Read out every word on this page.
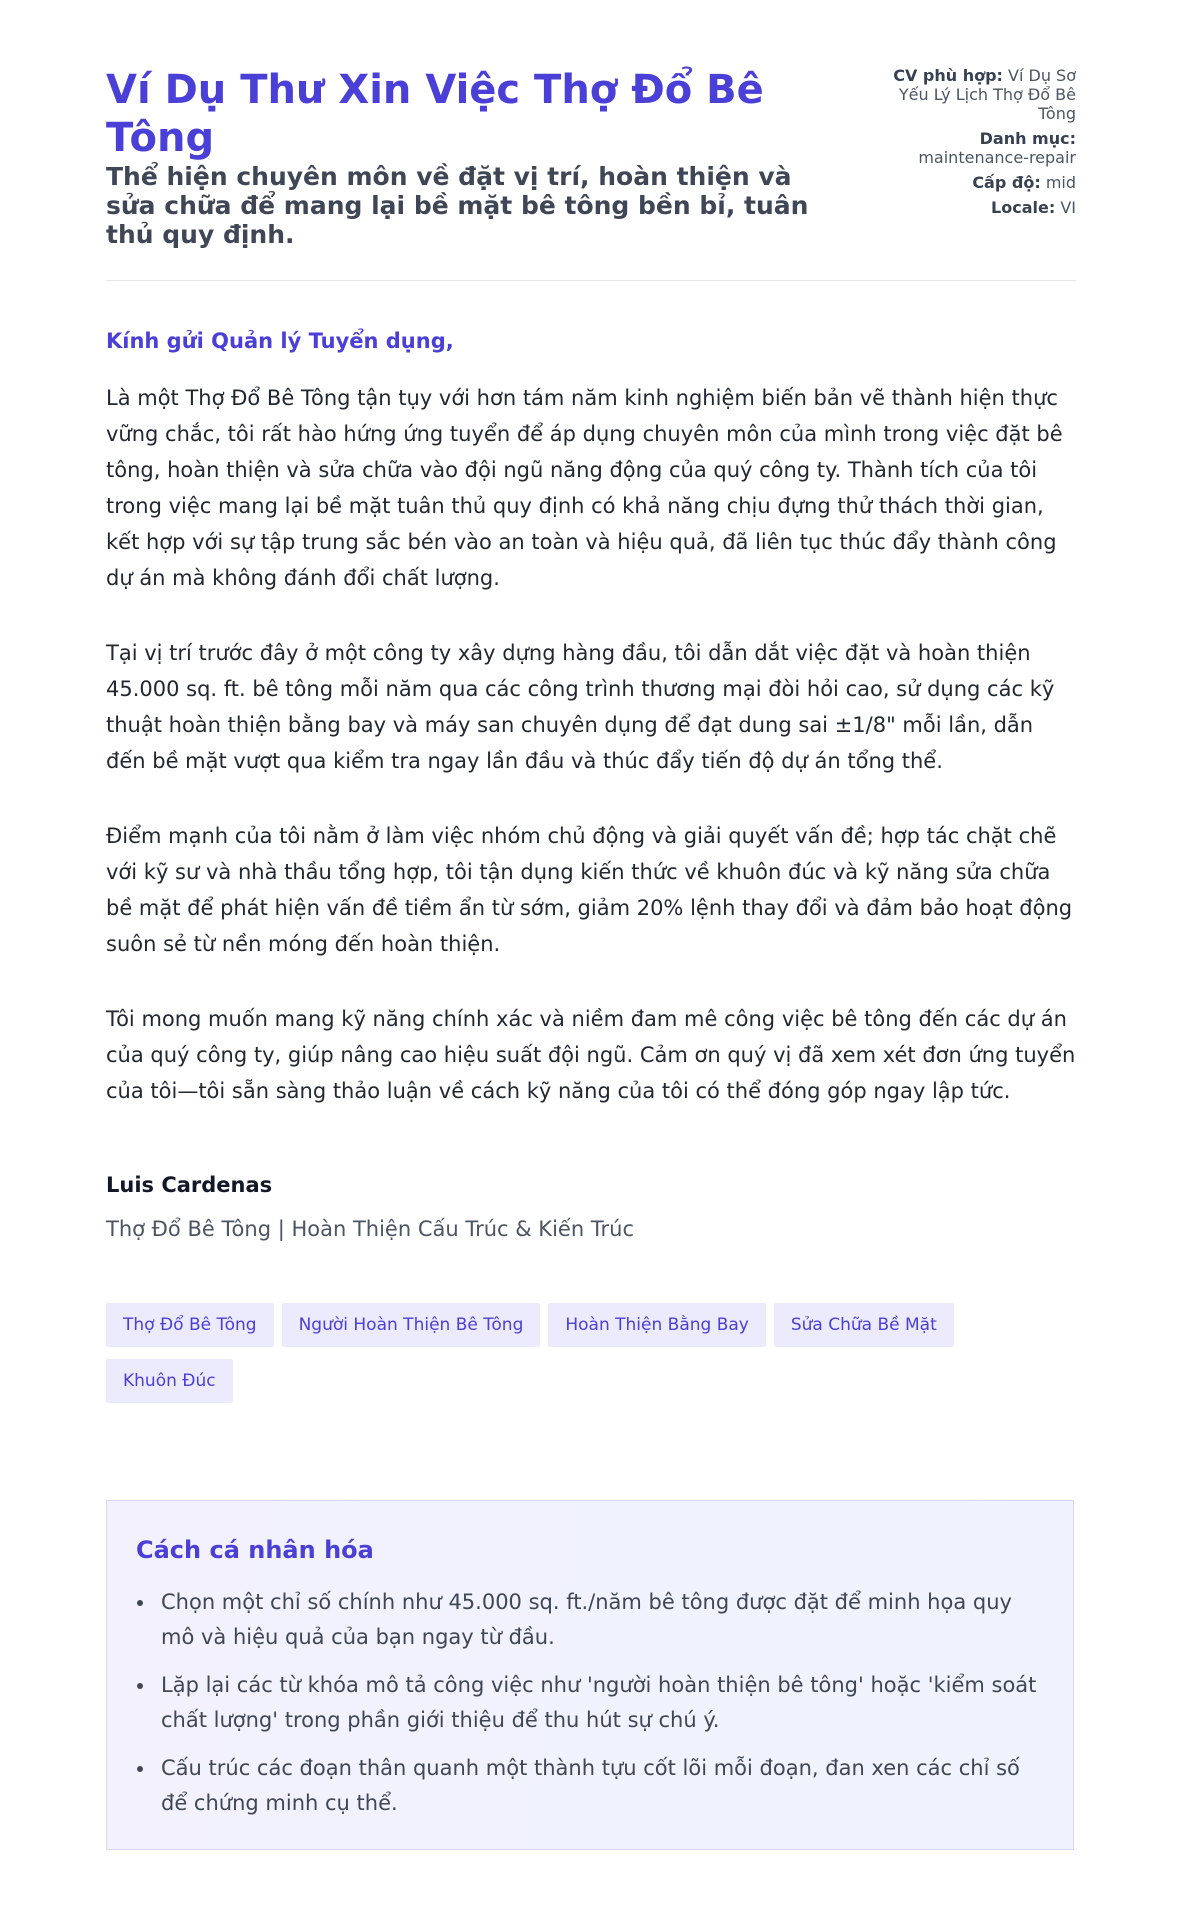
Ví Dụ Thư Xin Việc Thợ Đổ Bê Tông
Thể hiện chuyên môn về đặt vị trí, hoàn thiện và sửa chữa để mang lại bề mặt bê tông bền bỉ, tuân thủ quy định.
CV phù hợp: Ví Dụ Sơ Yếu Lý Lịch Thợ Đổ Bê Tông
Danh mục:
maintenance-repair
Cấp độ: mid
Locale: VI

Kính gửi Quản lý Tuyển dụng,

Là một Thợ Đổ Bê Tông tận tụy với hơn tám năm kinh nghiệm biến bản vẽ thành hiện thực vững chắc, tôi rất hào hứng ứng tuyển để áp dụng chuyên môn của mình trong việc đặt bê tông, hoàn thiện và sửa chữa vào đội ngũ năng động của quý công ty. Thành tích của tôi trong việc mang lại bề mặt tuân thủ quy định có khả năng chịu đựng thử thách thời gian, kết hợp với sự tập trung sắc bén vào an toàn và hiệu quả, đã liên tục thúc đẩy thành công dự án mà không đánh đổi chất lượng.

Tại vị trí trước đây ở một công ty xây dựng hàng đầu, tôi dẫn dắt việc đặt và hoàn thiện 45.000 sq. ft. bê tông mỗi năm qua các công trình thương mại đòi hỏi cao, sử dụng các kỹ thuật hoàn thiện bằng bay và máy san chuyên dụng để đạt dung sai ±1/8" mỗi lần, dẫn đến bề mặt vượt qua kiểm tra ngay lần đầu và thúc đẩy tiến độ dự án tổng thể.

Điểm mạnh của tôi nằm ở làm việc nhóm chủ động và giải quyết vấn đề; hợp tác chặt chẽ với kỹ sư và nhà thầu tổng hợp, tôi tận dụng kiến thức về khuôn đúc và kỹ năng sửa chữa bề mặt để phát hiện vấn đề tiềm ẩn từ sớm, giảm 20% lệnh thay đổi và đảm bảo hoạt động suôn sẻ từ nền móng đến hoàn thiện.

Tôi mong muốn mang kỹ năng chính xác và niềm đam mê công việc bê tông đến các dự án của quý công ty, giúp nâng cao hiệu suất đội ngũ. Cảm ơn quý vị đã xem xét đơn ứng tuyển của tôi—tôi sẵn sàng thảo luận về cách kỹ năng của tôi có thể đóng góp ngay lập tức.

Luis Cardenas
Thợ Đổ Bê Tông | Hoàn Thiện Cấu Trúc & Kiến Trúc
Thợ Đổ Bê Tông Người Hoàn Thiện Bê Tông Hoàn Thiện Bằng Bay Sửa Chữa Bề MặtKhuôn Đúc
Cách cá nhân hóa
Chọn một chỉ số chính như 45.000 sq. ft./năm bê tông được đặt để minh họa quy mô và hiệu quả của bạn ngay từ đầu.
Lặp lại các từ khóa mô tả công việc như 'người hoàn thiện bê tông' hoặc 'kiểm soát chất lượng' trong phần giới thiệu để thu hút sự chú ý.
Cấu trúc các đoạn thân quanh một thành tựu cốt lõi mỗi đoạn, đan xen các chỉ số để chứng minh cụ thể.
